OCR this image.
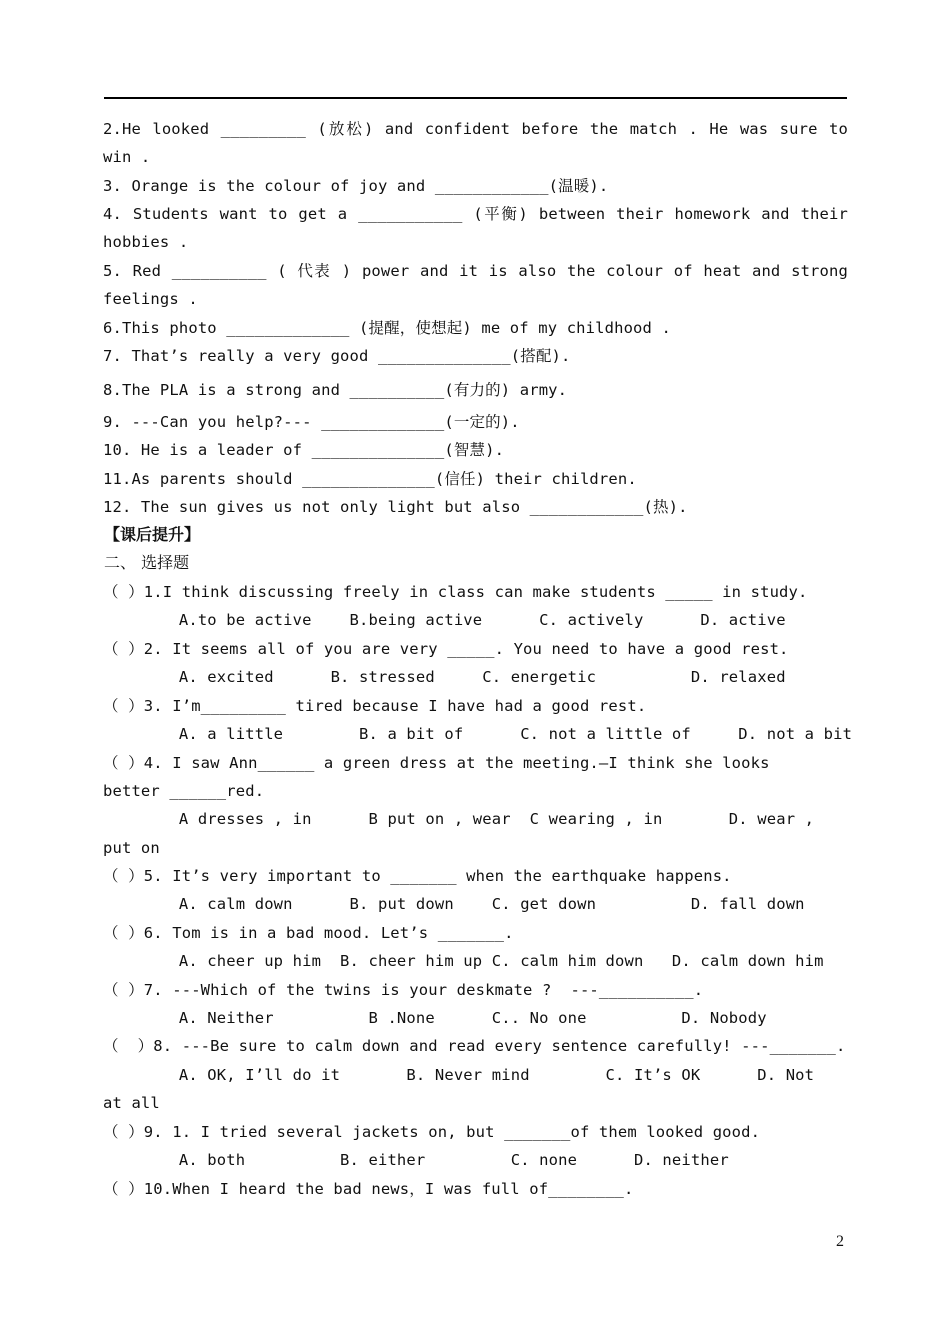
2.He looked _________ (放松) and confident before the match . He was sure to
win .
3. Orange is the colour of joy and ____________(温暖).
4. Students want to get a ___________ (平衡) between their homework and their
hobbies .
5. Red __________ ( 代表 ) power and it is also the colour of heat and strong
feelings .
6.This photo _____________ (提醒，使想起) me of my childhood .
7. That’s really a very good ______________(搭配).
8.The PLA is a strong and __________(有力的) army.
9. ---Can you help?--- _____________(一定的).
10. He is a leader of ______________(智慧).
11.As parents should ______________(信任) their children.
12. The sun gives us not only light but also ____________(热).
【课后提升】
二、 选择题
（ ）1.I think discussing freely in class can make students _____ in study.
A.to be active    B.being active      C. actively      D. active
（ ）2. It seems all of you are very _____. You need to have a good rest.
A. excited      B. stressed     C. energetic          D. relaxed
（ ）3. I’m_________ tired because I have had a good rest.
A. a little        B. a bit of      C. not a little of     D. not a bit
（ ）4. I saw Ann______ a green dress at the meeting.—I think she looks
better ______red.
A dresses , in      B put on , wear  C wearing , in       D. wear ,
put on
（ ）5. It’s very important to _______ when the earthquake happens.
A. calm down      B. put down    C. get down          D. fall down
（ ）6. Tom is in a bad mood. Let’s _______.
A. cheer up him  B. cheer him up C. calm him down   D. calm down him
（ ）7. ---Which of the twins is your deskmate ?  ---__________.
A. Neither          B .None      C.. No one          D. Nobody
（  ）8. ---Be sure to calm down and read every sentence carefully! ---_______.
A. OK, I’ll do it       B. Never mind        C. It’s OK      D. Not
at all
（ ）9. 1. I tried several jackets on, but _______of them looked good.
A. both          B. either         C. none      D. neither
（ ）10.When I heard the bad news，I was full of________.
2
